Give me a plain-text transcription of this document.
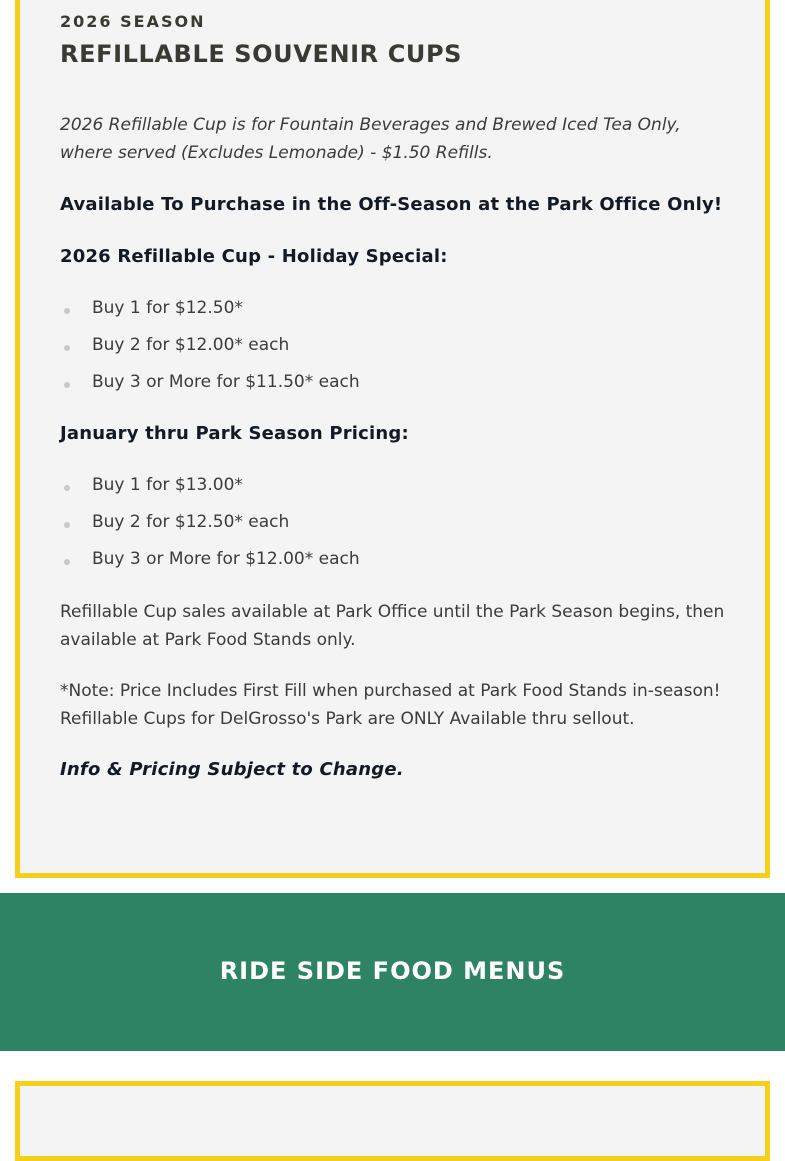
2026 SEASON
REFILLABLE SOUVENIR CUPS

2026 Refillable Cup is for Fountain Beverages and Brewed Iced Tea Only, where served (Excludes Lemonade) - $1.50 Refills.

Available To Purchase in the Off-Season at the Park Office Only!

2026 Refillable Cup - Holiday Special:

Buy 1 for $12.50*
Buy 2 for $12.00* each
Buy 3 or More for $11.50* each

January thru Park Season Pricing:

Buy 1 for $13.00*
Buy 2 for $12.50* each
Buy 3 or More for $12.00* each

Refillable Cup sales available at Park Office until the Park Season begins, then available at Park Food Stands only.

*Note: Price Includes First Fill when purchased at Park Food Stands in-season! Refillable Cups for DelGrosso's Park are ONLY Available thru sellout.

Info & Pricing Subject to Change.

RIDE SIDE FOOD MENUS
